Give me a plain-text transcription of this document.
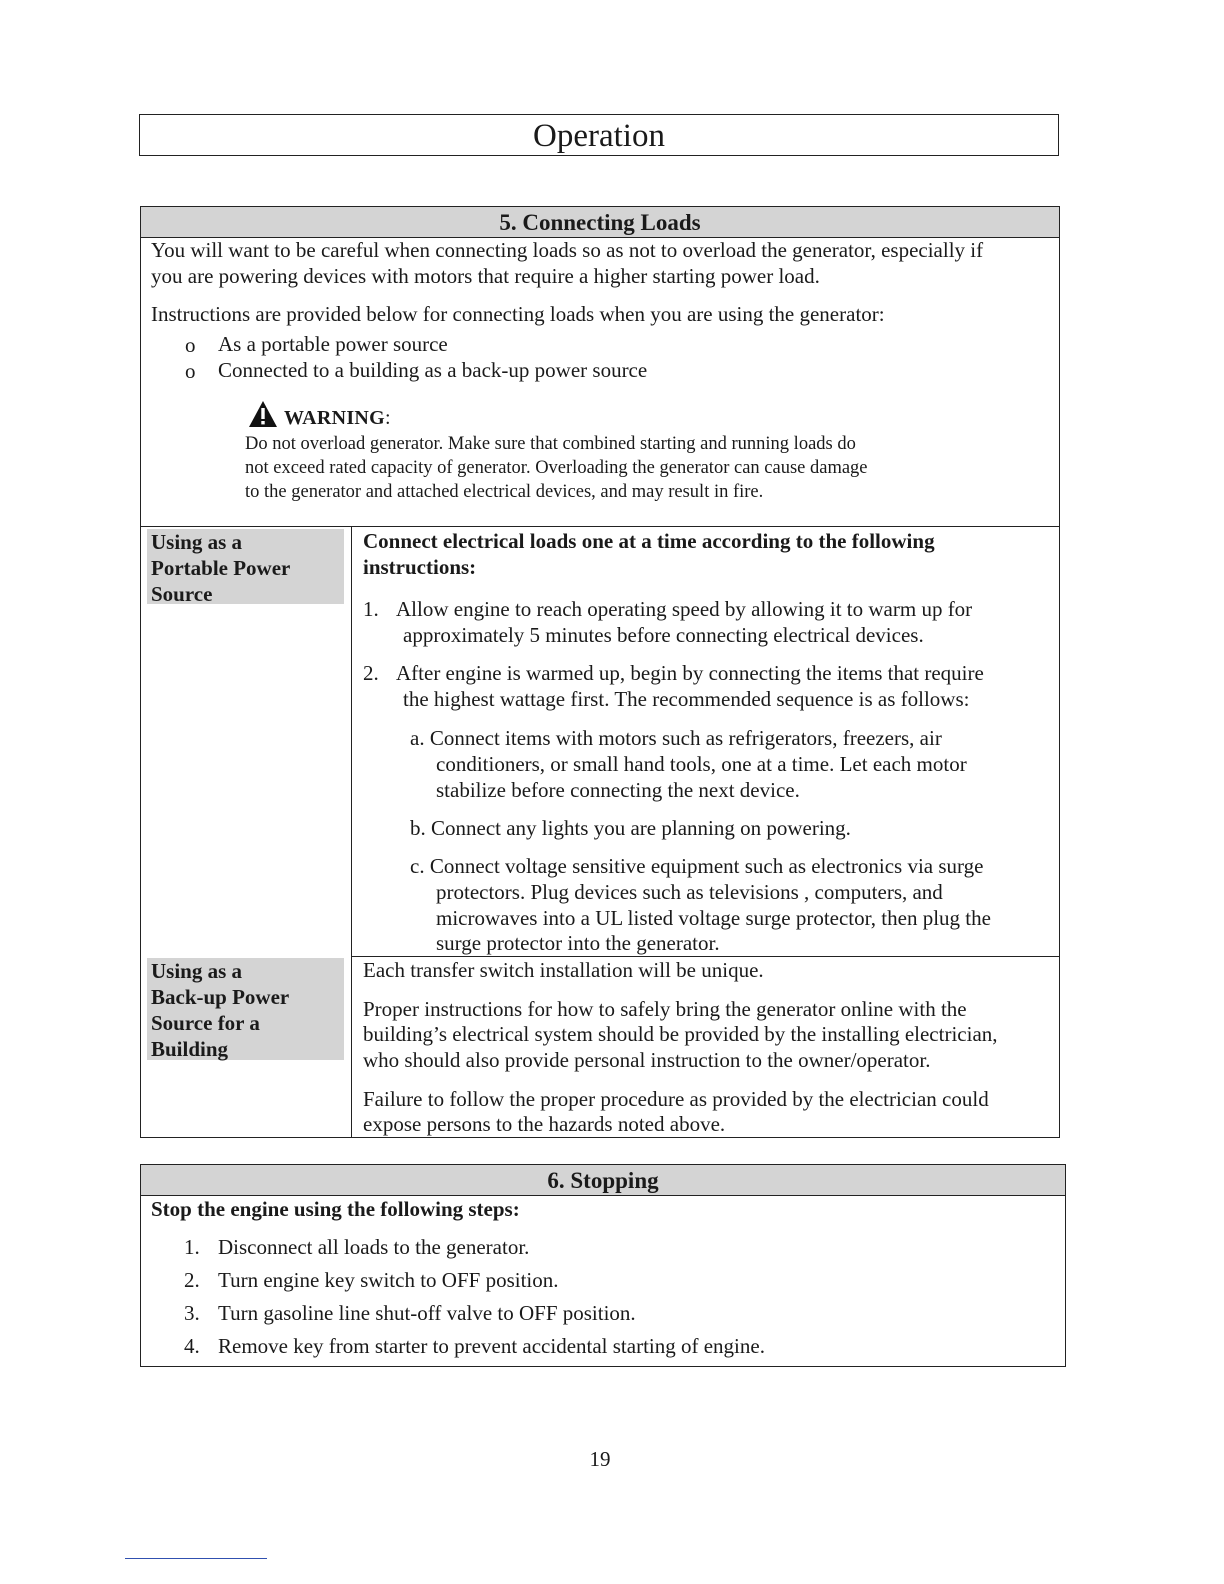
Operation
5. Connecting Loads
You will want to be careful when connecting loads so as not to overload the generator, especially if
you are powering devices with motors that require a higher starting power load.
Instructions are provided below for connecting loads when you are using the generator:
o As a portable power source
o Connected to a building as a back-up power source
WARNING:
Do not overload generator. Make sure that combined starting and running loads do
not exceed rated capacity of generator. Overloading the generator can cause damage
to the generator and attached electrical devices, and may result in fire.
Using as a
Portable Power
Source
Connect electrical loads one at a time according to the following
instructions:
1. Allow engine to reach operating speed by allowing it to warm up for
approximately 5 minutes before connecting electrical devices.
2. After engine is warmed up, begin by connecting the items that require
the highest wattage first. The recommended sequence is as follows:
a. Connect items with motors such as refrigerators, freezers, air
conditioners, or small hand tools, one at a time. Let each motor
stabilize before connecting the next device.
b. Connect any lights you are planning on powering.
c. Connect voltage sensitive equipment such as electronics via surge
protectors. Plug devices such as televisions , computers, and
microwaves into a UL listed voltage surge protector, then plug the
surge protector into the generator.
Using as a
Back-up Power
Source for a
Building
Each transfer switch installation will be unique.
Proper instructions for how to safely bring the generator online with the
building’s electrical system should be provided by the installing electrician,
who should also provide personal instruction to the owner/operator.
Failure to follow the proper procedure as provided by the electrician could
expose persons to the hazards noted above.
6. Stopping
Stop the engine using the following steps:
1. Disconnect all loads to the generator.
2. Turn engine key switch to OFF position.
3. Turn gasoline line shut-off valve to OFF position.
4. Remove key from starter to prevent accidental starting of engine.
19
